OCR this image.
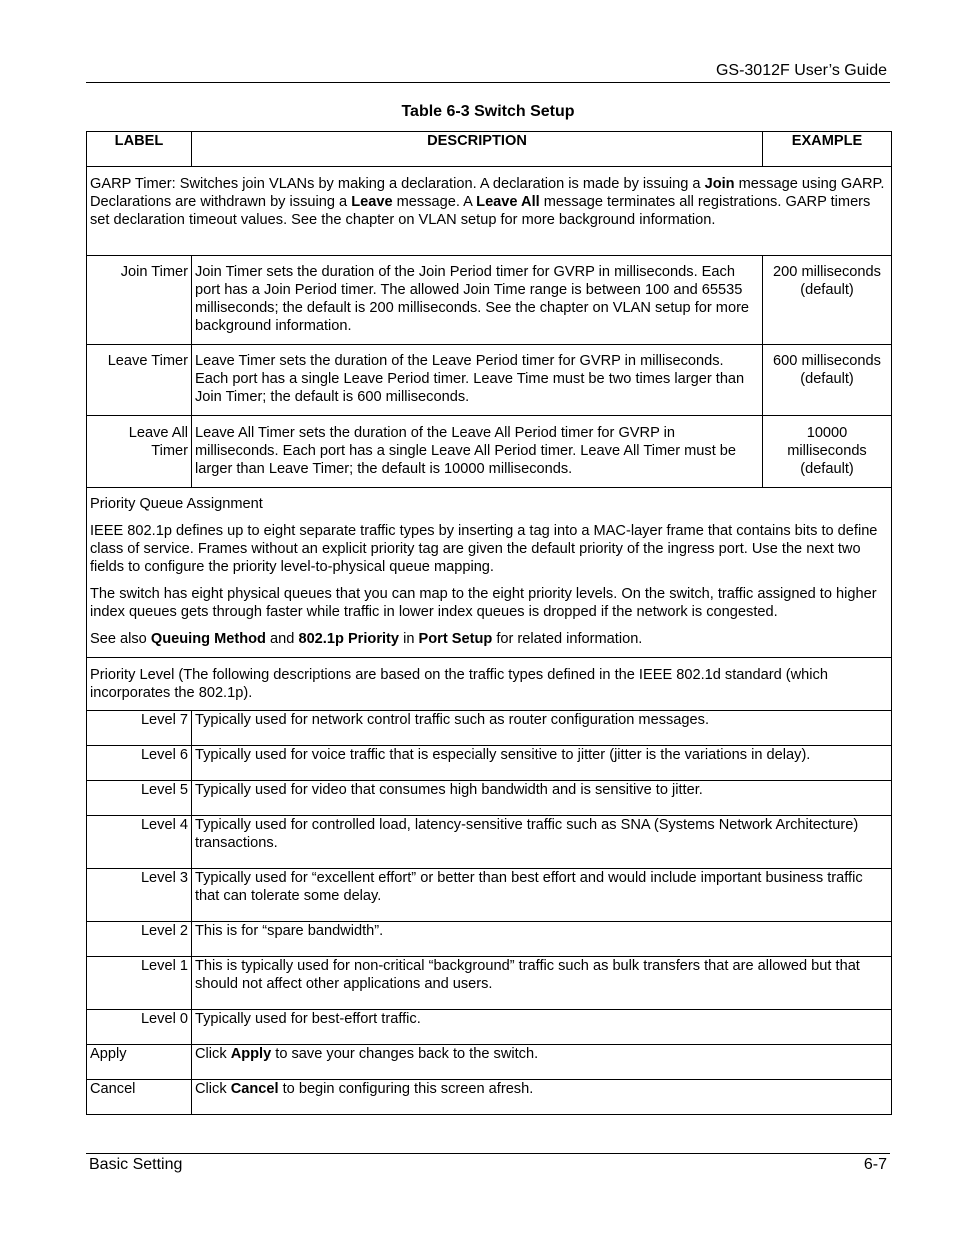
GS-3012F User’s Guide
Table 6-3 Switch Setup
LABEL	DESCRIPTION	EXAMPLE
GARP Timer: Switches join VLANs by making a declaration. A declaration is made by issuing a Join message using GARP. Declarations are withdrawn by issuing a Leave message. A Leave All message terminates all registrations. GARP timers set declaration timeout values. See the chapter on VLAN setup for more background information.		
Join Timer	Join Timer sets the duration of the Join Period timer for GVRP in milliseconds. Each port has a Join Period timer. The allowed Join Time range is between 100 and 65535 milliseconds; the default is 200 milliseconds. See the chapter on VLAN setup for more background information.	200 milliseconds (default)
Leave Timer	Leave Timer sets the duration of the Leave Period timer for GVRP in milliseconds. Each port has a single Leave Period timer. Leave Time must be two times larger than Join Timer; the default is 600 milliseconds.	600 milliseconds (default)
Leave All Timer	Leave All Timer sets the duration of the Leave All Period timer for GVRP in milliseconds. Each port has a single Leave All Period timer. Leave All Timer must be larger than Leave Timer; the default is 10000 milliseconds.	10000 milliseconds (default)

Priority Queue Assignment

IEEE 802.1p defines up to eight separate traffic types by inserting a tag into a MAC-layer frame that contains bits to define class of service. Frames without an explicit priority tag are given the default priority of the ingress port. Use the next two fields to configure the priority level-to-physical queue mapping.

The switch has eight physical queues that you can map to the eight priority levels. On the switch, traffic assigned to higher index queues gets through faster while traffic in lower index queues is dropped if the network is congested.

See also Queuing Method and 802.1p Priority in Port Setup for related information.		

Priority Level (The following descriptions are based on the traffic types defined in the IEEE 802.1d standard (which incorporates the 802.1p).		
Level 7	Typically used for network control traffic such as router configuration messages.	
Level 6	Typically used for voice traffic that is especially sensitive to jitter (jitter is the variations in delay).	
Level 5	Typically used for video that consumes high bandwidth and is sensitive to jitter.	
Level 4	Typically used for controlled load, latency-sensitive traffic such as SNA (Systems Network Architecture) transactions.	
Level 3	Typically used for “excellent effort” or better than best effort and would include important business traffic that can tolerate some delay.	
Level 2	This is for “spare bandwidth”.	
Level 1	This is typically used for non-critical “background” traffic such as bulk transfers that are allowed but that should not affect other applications and users.	
Level 0	Typically used for best-effort traffic.	
Apply	Click Apply to save your changes back to the switch.	
Cancel	Click Cancel to begin configuring this screen afresh.	
Basic Setting	6-7
